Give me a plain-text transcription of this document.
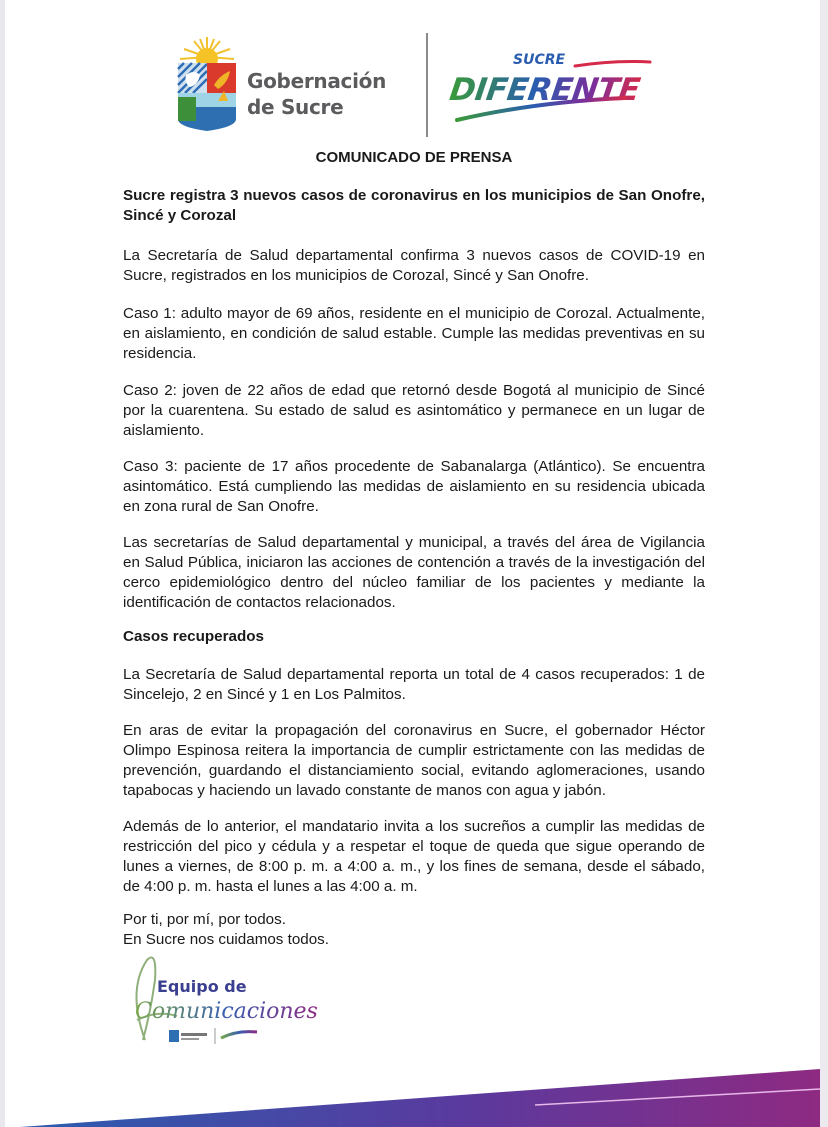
Gobernación
de Sucre
SUCRE
DIFERENTE

COMUNICADO DE PRENSA

Sucre registra 3 nuevos casos de coronavirus en los municipios de San Onofre, Sincé y Corozal

La Secretaría de Salud departamental confirma 3 nuevos casos de COVID-19 en Sucre, registrados en los municipios de Corozal, Sincé y San Onofre.

Caso 1: adulto mayor de 69 años, residente en el municipio de Corozal. Actualmente, en aislamiento, en condición de salud estable. Cumple las medidas preventivas en su residencia.

Caso 2: joven de 22 años de edad que retornó desde Bogotá al municipio de Sincé por la cuarentena. Su estado de salud es asintomático y permanece en un lugar de aislamiento.

Caso 3: paciente de 17 años procedente de Sabanalarga (Atlántico). Se encuentra asintomático. Está cumpliendo las medidas de aislamiento en su residencia ubicada en zona rural de San Onofre.

Las secretarías de Salud departamental y municipal, a través del área de Vigilancia en Salud Pública, iniciaron las acciones de contención a través de la investigación del cerco epidemiológico dentro del núcleo familiar de los pacientes y mediante la identificación de contactos relacionados.

Casos recuperados

La Secretaría de Salud departamental reporta un total de 4 casos recuperados: 1 de Sincelejo, 2 en Sincé y 1 en Los Palmitos.

En aras de evitar la propagación del coronavirus en Sucre, el gobernador Héctor Olimpo Espinosa reitera la importancia de cumplir estrictamente con las medidas de prevención, guardando el distanciamiento social, evitando aglomeraciones, usando tapabocas y haciendo un lavado constante de manos con agua y jabón.

Además de lo anterior, el mandatario invita a los sucreños a cumplir las medidas de restricción del pico y cédula y a respetar el toque de queda que sigue operando de lunes a viernes, de 8:00 p. m. a 4:00 a. m., y los fines de semana, desde el sábado, de 4:00 p. m. hasta el lunes a las 4:00 a. m.

Por ti, por mí, por todos.

En Sucre nos cuidamos todos.

Equipo de
Comunicaciones
